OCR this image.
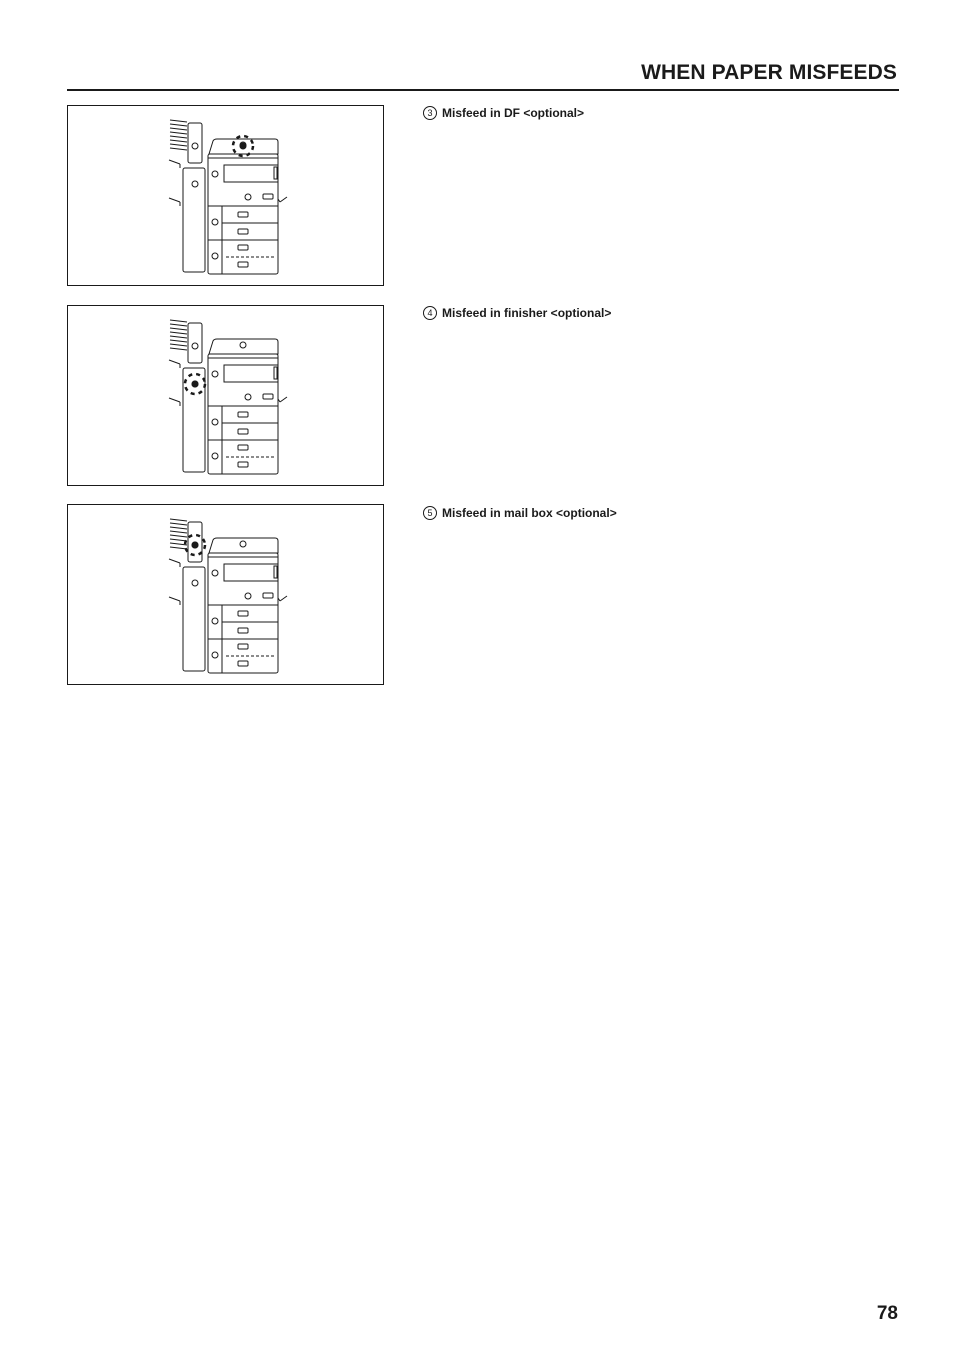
WHEN PAPER MISFEEDS
3 Misfeed in DF <optional>
4 Misfeed in finisher <optional>
5 Misfeed in mail box <optional>
78
